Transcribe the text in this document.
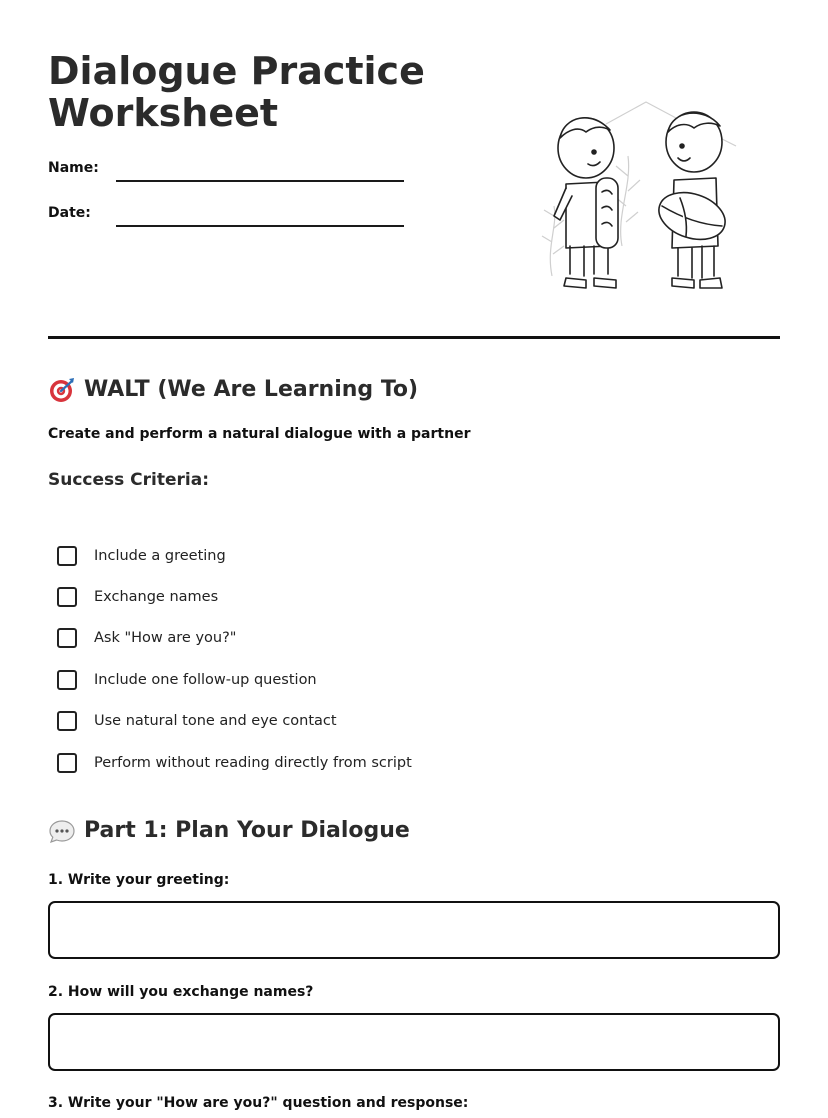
Dialogue Practice Worksheet
Name:
Date:
WALT (We Are Learning To)
Create and perform a natural dialogue with a partner
Success Criteria:
Include a greeting
Exchange names
Ask "How are you?"
Include one follow-up question
Use natural tone and eye contact
Perform without reading directly from script
Part 1: Plan Your Dialogue
1. Write your greeting:
2. How will you exchange names?
3. Write your "How are you?" question and response:
